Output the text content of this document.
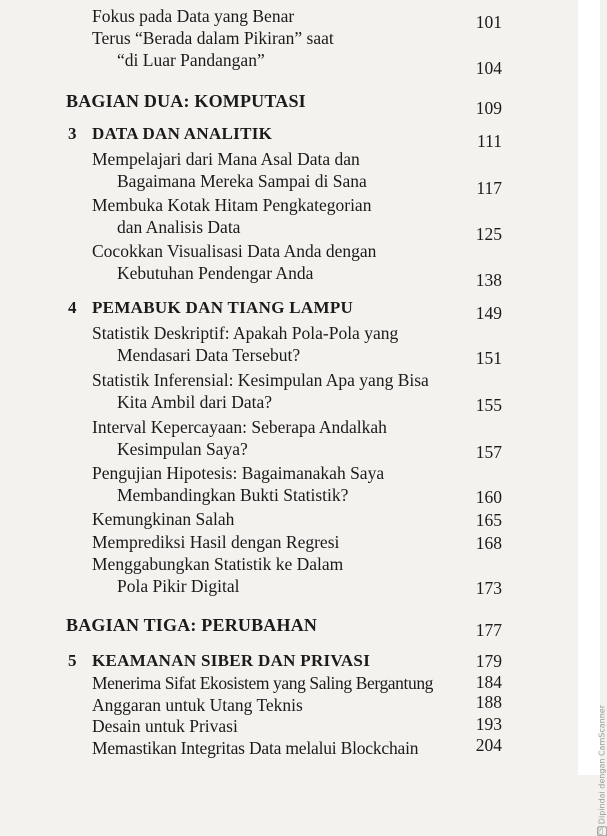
Fokus pada Data yang Benar	101
Terus “Berada dalam Pikiran” saat
“di Luar Pandangan”	104
BAGIAN DUA: KOMPUTASI	109
3 DATA DAN ANALITIK	111
Mempelajari dari Mana Asal Data dan
Bagaimana Mereka Sampai di Sana	117
Membuka Kotak Hitam Pengkategorian
dan Analisis Data	125
Cocokkan Visualisasi Data Anda dengan
Kebutuhan Pendengar Anda	138
4 PEMABUK DAN TIANG LAMPU	149
Statistik Deskriptif: Apakah Pola-Pola yang
Mendasari Data Tersebut?	151
Statistik Inferensial: Kesimpulan Apa yang Bisa
Kita Ambil dari Data?	155
Interval Kepercayaan: Seberapa Andalkah
Kesimpulan Saya?	157
Pengujian Hipotesis: Bagaimanakah Saya
Membandingkan Bukti Statistik?	160
Kemungkinan Salah	165
Memprediksi Hasil dengan Regresi	168
Menggabungkan Statistik ke Dalam
Pola Pikir Digital	173
BAGIAN TIGA: PERUBAHAN	177
5 KEAMANAN SIBER DAN PRIVASI	179
Menerima Sifat Ekosistem yang Saling Bergantung	184
Anggaran untuk Utang Teknis	188
Desain untuk Privasi	193
Memastikan Integritas Data melalui Blockchain	204
CSDipindai dengan CamScanner
